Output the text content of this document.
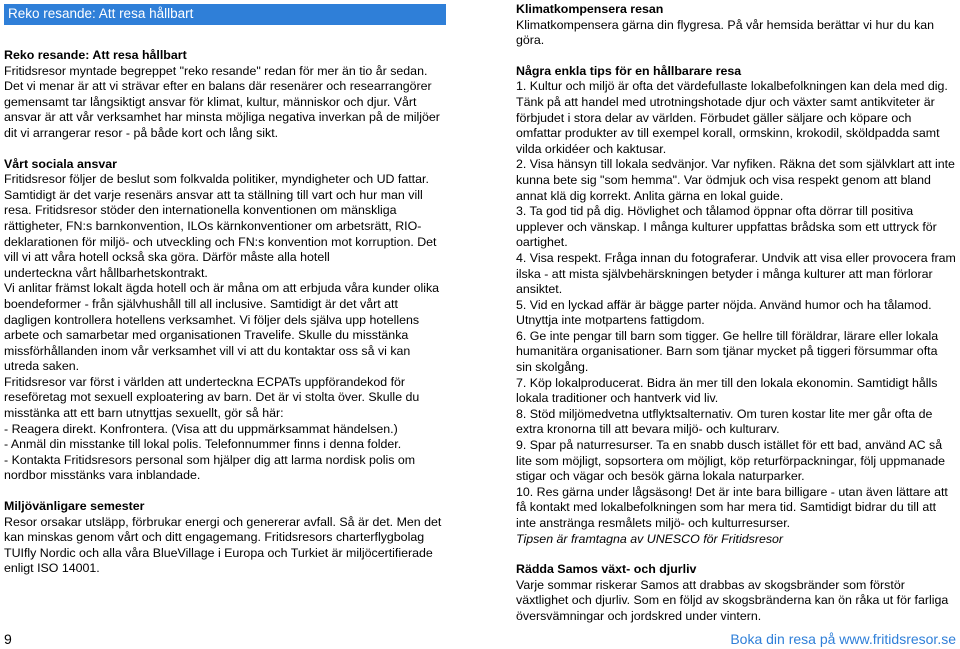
Reko resande: Att resa hållbart
Reko resande: Att resa hållbart

Fritidsresor myntade begreppet "reko resande" redan för mer än tio år sedan. Det vi menar är att vi strävar efter en balans där resenärer och researrangörer gemensamt tar långsiktigt ansvar för klimat, kultur, människor och djur. Vårt ansvar är att vår verksamhet har minsta möjliga negativa inverkan på de miljöer dit vi arrangerar resor - på både kort och lång sikt.

Vårt sociala ansvar

Fritidsresor följer de beslut som folkvalda politiker, myndigheter och UD fattar. Samtidigt är det varje resenärs ansvar att ta ställning till vart och hur man vill resa. Fritidsresor stöder den internationella konventionen om mänskliga rättigheter, FN:s barnkonvention, ILOs kärnkonventioner om arbetsrätt, RIO-deklarationen för miljö- och utveckling och FN:s konvention mot korruption. Det vill vi att våra hotell också ska göra. Därför måste alla hotell

underteckna vårt hållbarhetskontrakt.

Vi anlitar främst lokalt ägda hotell och är måna om att erbjuda våra kunder olika boendeformer - från självhushåll till all inclusive. Samtidigt är det vårt att dagligen kontrollera hotellens verksamhet. Vi följer dels själva upp hotellens arbete och samarbetar med organisationen Travelife. Skulle du misstänka missförhållanden inom vår verksamhet vill vi att du kontaktar oss så vi kan utreda saken.

Fritidsresor var först i världen att underteckna ECPATs uppförandekod för reseföretag mot sexuell exploatering av barn. Det är vi stolta över. Skulle du misstänka att ett barn utnyttjas sexuellt, gör så här:

- Reagera direkt. Konfrontera. (Visa att du uppmärksammat händelsen.)

- Anmäl din misstanke till lokal polis. Telefonnummer finns i denna folder.

- Kontakta Fritidsresors personal som hjälper dig att larma nordisk polis om nordbor misstänks vara inblandade.

Miljövänligare semester

Resor orsakar utsläpp, förbrukar energi och genererar avfall. Så är det. Men det kan minskas genom vårt och ditt engagemang. Fritidsresors charterflygbolag TUIfly Nordic och alla våra BlueVillage i Europa och Turkiet är miljöcertifierade enligt ISO 14001.

Klimatkompensera resan

Klimatkompensera gärna din flygresa. På vår hemsida berättar vi hur du kan göra.

Några enkla tips för en hållbarare resa

1. Kultur och miljö är ofta det värdefullaste lokalbefolkningen kan dela med dig. Tänk på att handel med utrotningshotade djur och växter samt antikviteter är förbjudet i stora delar av världen. Förbudet gäller säljare och köpare och omfattar produkter av till exempel korall, ormskinn, krokodil, sköldpadda samt vilda orkidéer och kaktusar.

2. Visa hänsyn till lokala sedvänjor. Var nyfiken. Räkna det som självklart att inte kunna bete sig "som hemma". Var ödmjuk och visa respekt genom att bland annat klä dig korrekt. Anlita gärna en lokal guide.

3. Ta god tid på dig. Hövlighet och tålamod öppnar ofta dörrar till positiva upplever och vänskap. I många kulturer uppfattas brådska som ett uttryck för oartighet.

4. Visa respekt. Fråga innan du fotograferar. Undvik att visa eller provocera fram ilska - att mista självbehärskningen betyder i många kulturer att man förlorar ansiktet.

5. Vid en lyckad affär är bägge parter nöjda. Använd humor och ha tålamod. Utnyttja inte motpartens fattigdom.

6. Ge inte pengar till barn som tigger. Ge hellre till föräldrar, lärare eller lokala humanitära organisationer. Barn som tjänar mycket på tiggeri försummar ofta sin skolgång.

7. Köp lokalproducerat. Bidra än mer till den lokala ekonomin. Samtidigt hålls lokala traditioner och hantverk vid liv.

8. Stöd miljömedvetna utflyktsalternativ. Om turen kostar lite mer går ofta de extra kronorna till att bevara miljö- och kulturarv.

9. Spar på naturresurser. Ta en snabb dusch istället för ett bad, använd AC så lite som möjligt, sopsortera om möjligt, köp returförpackningar, följ uppmanade stigar och vägar och besök gärna lokala naturparker.

10. Res gärna under lågsäsong! Det är inte bara billigare - utan även lättare att få kontakt med lokalbefolkningen som har mera tid. Samtidigt bidrar du till att inte anstränga resmålets miljö- och kulturresurser.

Tipsen är framtagna av UNESCO för Fritidsresor

Rädda Samos växt- och djurliv

Varje sommar riskerar Samos att drabbas av skogsbränder som förstör växtlighet och djurliv. Som en följd av skogsbränderna kan ön råka ut för farliga översvämningar och jordskred under vintern.

9	Boka din resa på www.fritidsresor.se
